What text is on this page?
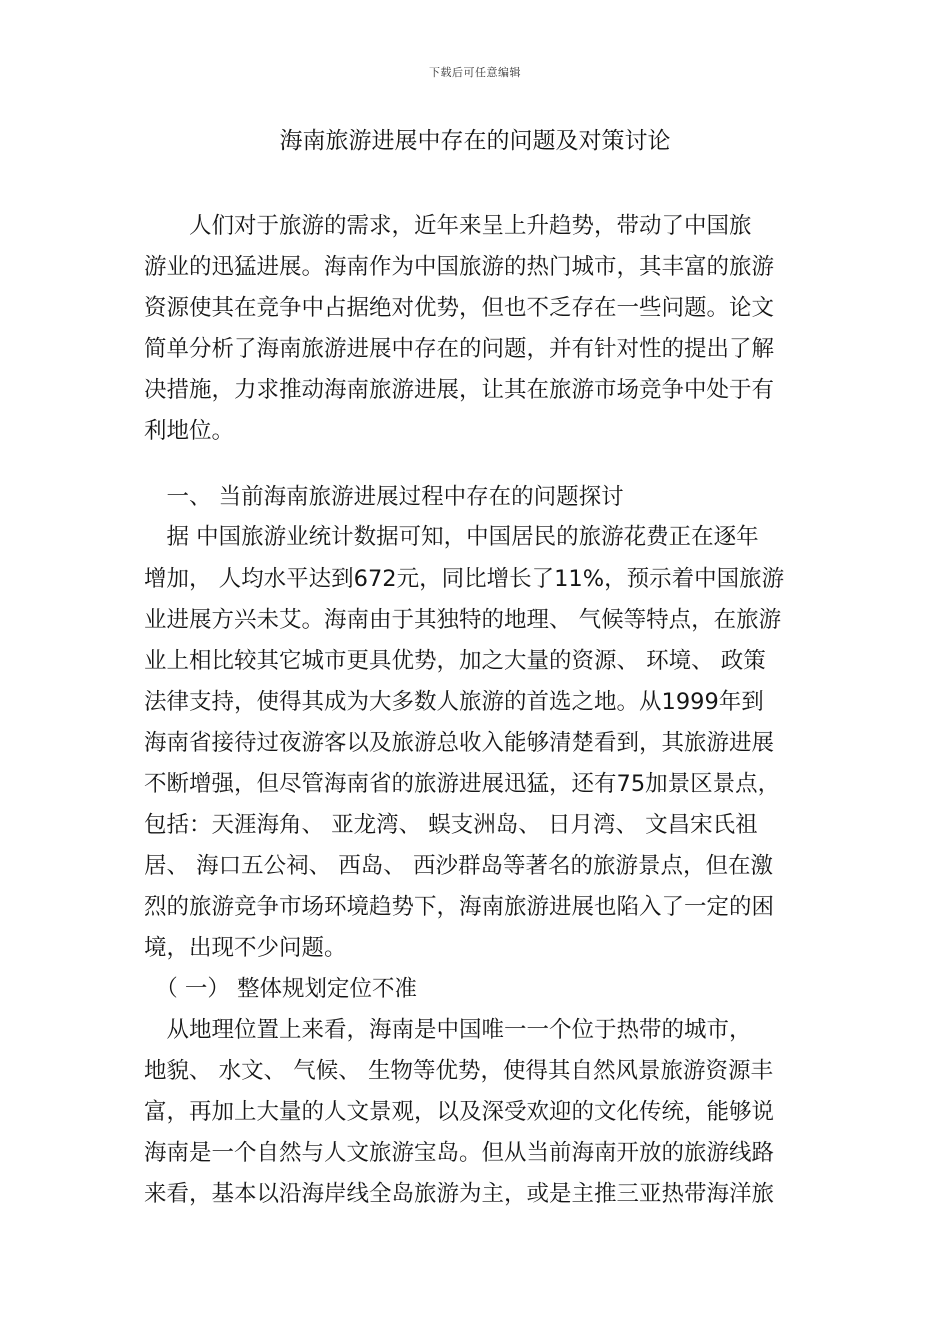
下载后可任意编辑
海南旅游进展中存在的问题及对策讨论
　　人们对于旅游的需求，近年来呈上升趋势，带动了中国旅
游业的迅猛进展。海南作为中国旅游的热门城市，其丰富的旅游
资源使其在竞争中占据绝对优势，但也不乏存在一些问题。论文
简单分析了海南旅游进展中存在的问题，并有针对性的提出了解
决措施，力求推动海南旅游进展，让其在旅游市场竞争中处于有
利地位。
　一、 当前海南旅游进展过程中存在的问题探讨
　据 中国旅游业统计数据可知，中国居民的旅游花费正在逐年
增加， 人均水平达到672元，同比增长了11%，预示着中国旅游
业进展方兴未艾。海南由于其独特的地理、 气候等特点，在旅游
业上相比较其它城市更具优势，加之大量的资源、 环境、 政策
法律支持，使得其成为大多数人旅游的首选之地。从1999年到
海南省接待过夜游客以及旅游总收入能够清楚看到，其旅游进展
不断增强，但尽管海南省的旅游进展迅猛，还有75加景区景点，
包括：天涯海角、 亚龙湾、 蜈支洲岛、 日月湾、 文昌宋氏祖
居、 海口五公祠、 西岛、 西沙群岛等著名的旅游景点，但在激
烈的旅游竞争市场环境趋势下，海南旅游进展也陷入了一定的困
境，出现不少问题。
　（ 一） 整体规划定位不准
　从地理位置上来看，海南是中国唯一一个位于热带的城市，
地貌、 水文、 气候、 生物等优势，使得其自然风景旅游资源丰
富，再加上大量的人文景观，以及深受欢迎的文化传统，能够说
海南是一个自然与人文旅游宝岛。但从当前海南开放的旅游线路
来看，基本以沿海岸线全岛旅游为主，或是主推三亚热带海洋旅
